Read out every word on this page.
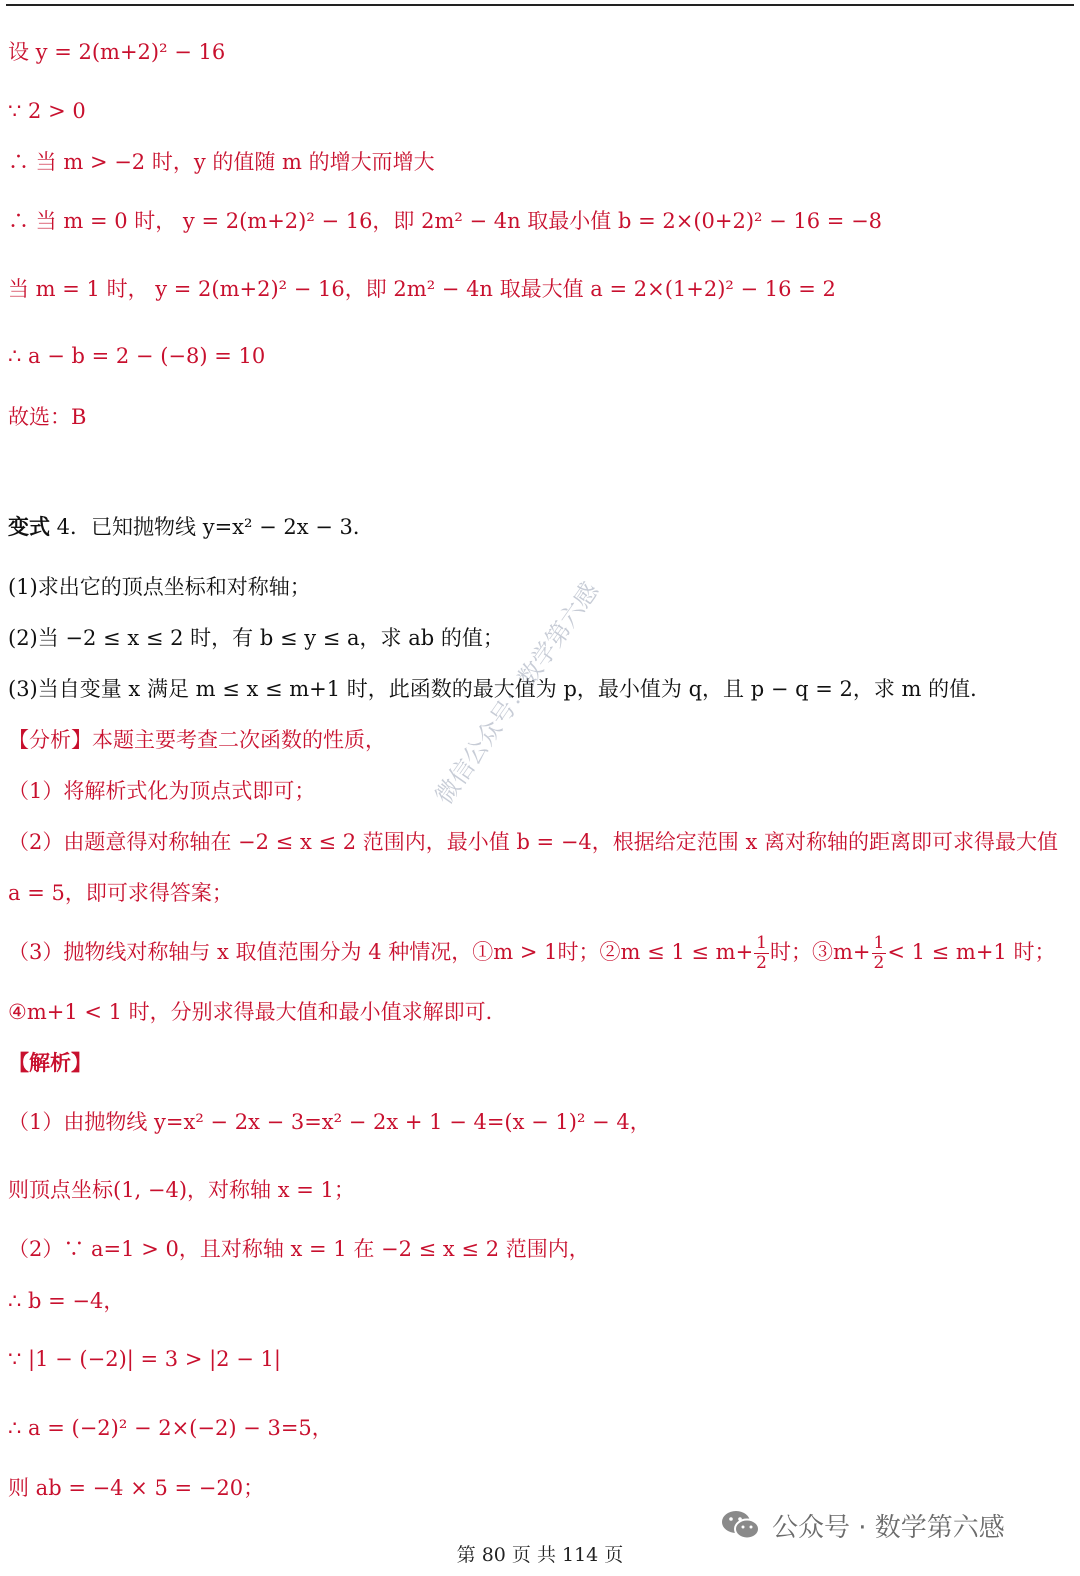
设 y = 2(m+2)² − 16
∵ 2 > 0
∴ 当 m > −2 时，y 的值随 m 的增大而增大
∴ 当 m = 0 时， y = 2(m+2)² − 16，即 2m² − 4n 取最小值 b = 2×(0+2)² − 16 = −8
当 m = 1 时， y = 2(m+2)² − 16，即 2m² − 4n 取最大值 a = 2×(1+2)² − 16 = 2
∴ a − b = 2 − (−8) = 10
故选：B
变式 4．已知抛物线 y=x² − 2x − 3．
(1)求出它的顶点坐标和对称轴；
(2)当 −2 ≤ x ≤ 2 时，有 b ≤ y ≤ a，求 ab 的值；
(3)当自变量 x 满足 m ≤ x ≤ m+1 时，此函数的最大值为 p，最小值为 q，且 p − q = 2，求 m 的值．
【分析】本题主要考查二次函数的性质，
（1）将解析式化为顶点式即可；
（2）由题意得对称轴在 −2 ≤ x ≤ 2 范围内，最小值 b = −4，根据给定范围 x 离对称轴的距离即可求得最大值
a = 5，即可求得答案；
（3）抛物线对称轴与 x 取值范围分为 4 种情况，①m > 1时；②m ≤ $1 \le m+ \frac{1}{2}$ 时；③m+ $\frac{1}{2} < 1 \le m+1$ 时；
④m+1 < 1 时，分别求得最大值和最小值求解即可．
【解析】
（1）由抛物线 y=x² − 2x − 3=x² − 2x + 1 − 4=(x − 1)² − 4，
则顶点坐标(1, −4)，对称轴 x = 1；
（2）∵ a=1 > 0，且对称轴 x = 1 在 −2 ≤ x ≤ 2 范围内，
∴ b = −4，
∵ |1 − (−2)| = 3 > |2 − 1|
∴ a = (−2)² − 2×(−2) − 3=5，
则 ab = −4 × 5 = −20；
微信公众号：数学第六感
公众号 · 数学第六感
第 80 页 共 114 页
